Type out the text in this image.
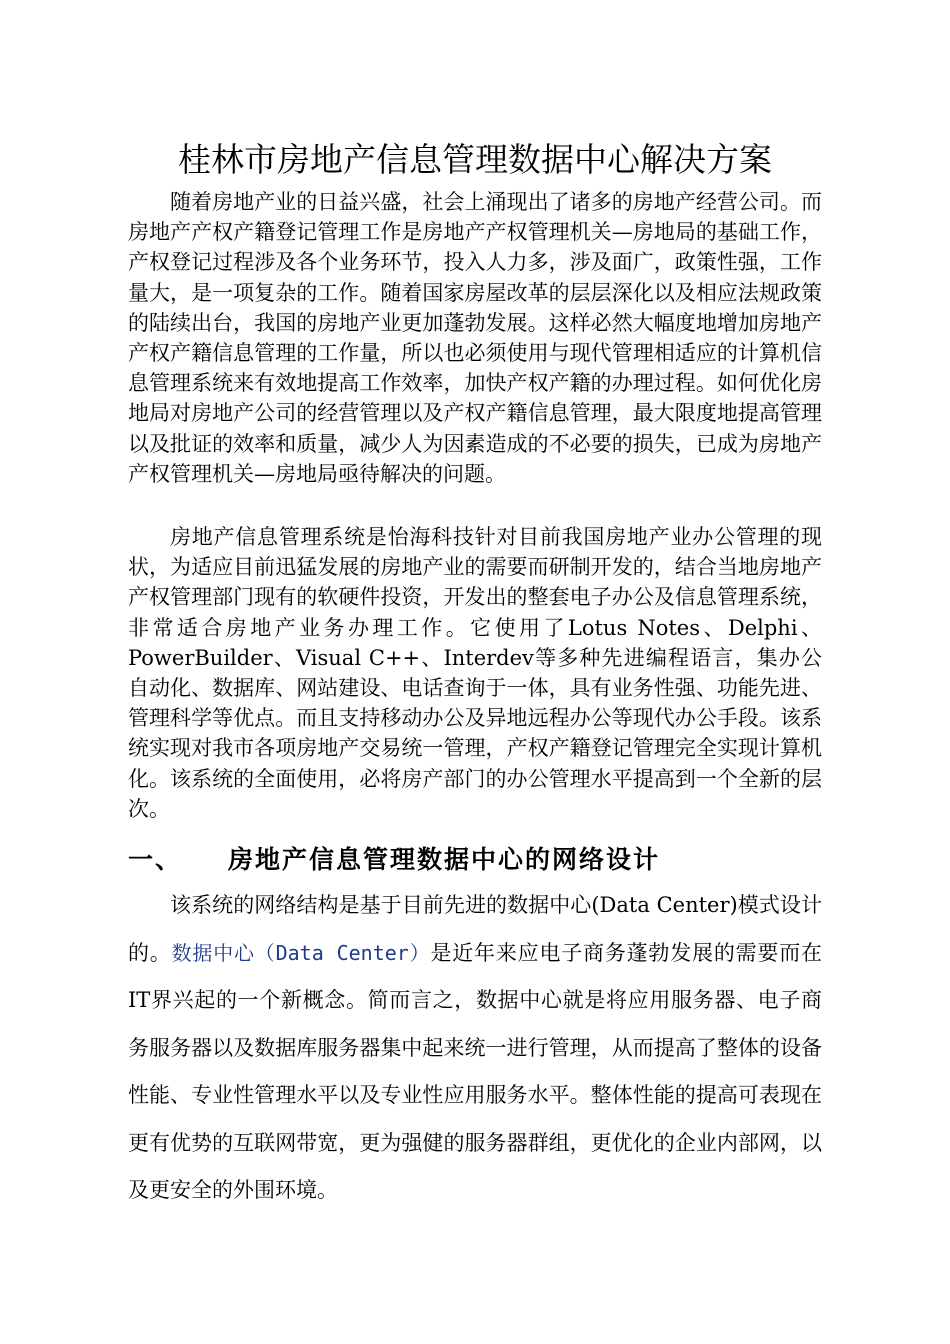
桂林市房地产信息管理数据中心解决方案

随着房地产业的日益兴盛，社会上涌现出了诸多的房地产经营公司。而房地产产权产籍登记管理工作是房地产产权管理机关—房地局的基础工作，产权登记过程涉及各个业务环节，投入人力多，涉及面广，政策性强，工作量大，是一项复杂的工作。随着国家房屋改革的层层深化以及相应法规政策的陆续出台，我国的房地产业更加蓬勃发展。这样必然大幅度地增加房地产产权产籍信息管理的工作量，所以也必须使用与现代管理相适应的计算机信息管理系统来有效地提高工作效率，加快产权产籍的办理过程。如何优化房地局对房地产公司的经营管理以及产权产籍信息管理，最大限度地提高管理以及批证的效率和质量，减少人为因素造成的不必要的损失，已成为房地产产权管理机关—房地局亟待解决的问题。

房地产信息管理系统是怡海科技针对目前我国房地产业办公管理的现状，为适应目前迅猛发展的房地产业的需要而研制开发的，结合当地房地产产权管理部门现有的软硬件投资，开发出的整套电子办公及信息管理系统，非常适合房地产业务办理工作。它使用了Lotus Notes、Delphi、PowerBuilder、Visual C++、Interdev等多种先进编程语言，集办公自动化、数据库、网站建设、电话查询于一体，具有业务性强、功能先进、管理科学等优点。而且支持移动办公及异地远程办公等现代办公手段。该系统实现对我市各项房地产交易统一管理，产权产籍登记管理完全实现计算机化。该系统的全面使用，必将房产部门的办公管理水平提高到一个全新的层次。

一、 房地产信息管理数据中心的网络设计

该系统的网络结构是基于目前先进的数据中心(Data Center)模式设计的。数据中心（Data Center）是近年来应电子商务蓬勃发展的需要而在IT界兴起的一个新概念。简而言之，数据中心就是将应用服务器、电子商务服务器以及数据库服务器集中起来统一进行管理，从而提高了整体的设备性能、专业性管理水平以及专业性应用服务水平。整体性能的提高可表现在更有优势的互联网带宽，更为强健的服务器群组，更优化的企业内部网，以及更安全的外围环境。
